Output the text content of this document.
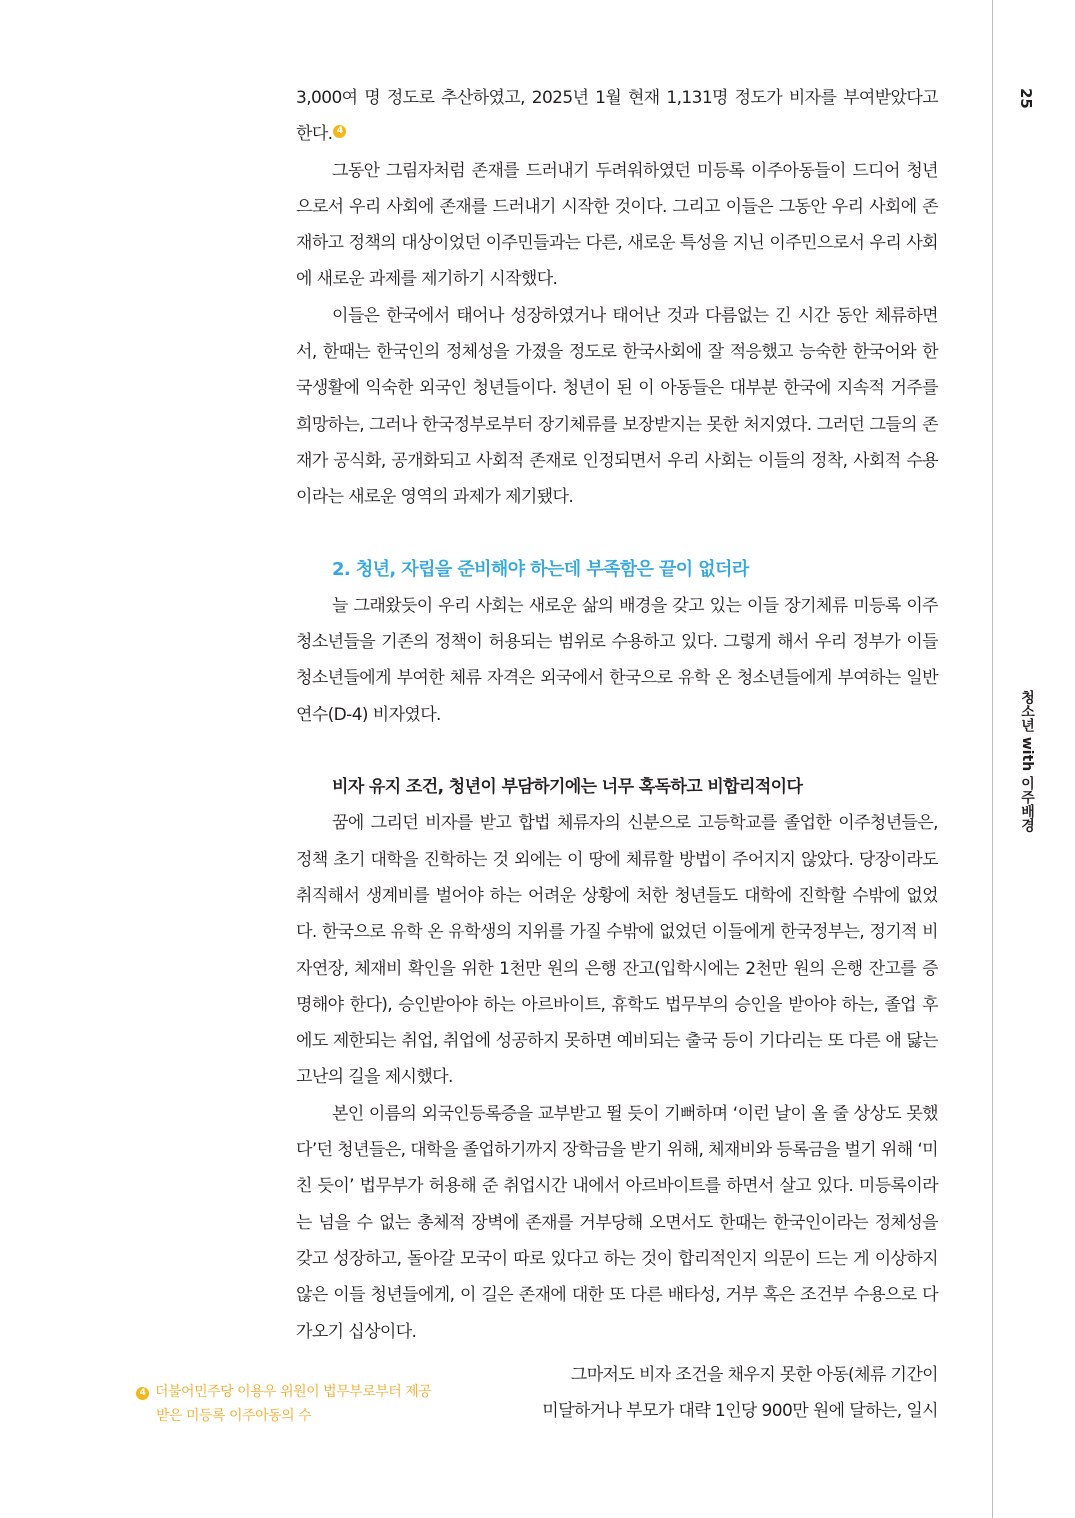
25
청소년 with 이주배경

3,000여 명 정도로 추산하였고, 2025년 1월 현재 1,131명 정도가 비자를 부여받았다고 한다. 4

그동안 그림자처럼 존재를 드러내기 두려워하였던 미등록 이주아동들이 드디어 청년으로서 우리 사회에 존재를 드러내기 시작한 것이다. 그리고 이들은 그동안 우리 사회에 존재하고 정책의 대상이었던 이주민들과는 다른, 새로운 특성을 지닌 이주민으로서 우리 사회에 새로운 과제를 제기하기 시작했다.

이들은 한국에서 태어나 성장하였거나 태어난 것과 다름없는 긴 시간 동안 체류하면서, 한때는 한국인의 정체성을 가졌을 정도로 한국사회에 잘 적응했고 능숙한 한국어와 한국생활에 익숙한 외국인 청년들이다. 청년이 된 이 아동들은 대부분 한국에 지속적 거주를 희망하는, 그러나 한국정부로부터 장기체류를 보장받지는 못한 처지였다. 그러던 그들의 존재가 공식화, 공개화되고 사회적 존재로 인정되면서 우리 사회는 이들의 정착, 사회적 수용이라는 새로운 영역의 과제가 제기됐다.

2. 청년, 자립을 준비해야 하는데 부족함은 끝이 없더라

늘 그래왔듯이 우리 사회는 새로운 삶의 배경을 갖고 있는 이들 장기체류 미등록 이주청소년들을 기존의 정책이 허용되는 범위로 수용하고 있다. 그렇게 해서 우리 정부가 이들 청소년들에게 부여한 체류 자격은 외국에서 한국으로 유학 온 청소년들에게 부여하는 일반연수(D-4) 비자였다.

비자 유지 조건, 청년이 부담하기에는 너무 혹독하고 비합리적이다

꿈에 그리던 비자를 받고 합법 체류자의 신분으로 고등학교를 졸업한 이주청년들은, 정책 초기 대학을 진학하는 것 외에는 이 땅에 체류할 방법이 주어지지 않았다. 당장이라도 취직해서 생계비를 벌어야 하는 어려운 상황에 처한 청년들도 대학에 진학할 수밖에 없었다. 한국으로 유학 온 유학생의 지위를 가질 수밖에 없었던 이들에게 한국정부는, 정기적 비자연장, 체재비 확인을 위한 1천만 원의 은행 잔고(입학시에는 2천만 원의 은행 잔고를 증명해야 한다), 승인받아야 하는 아르바이트, 휴학도 법무부의 승인을 받아야 하는, 졸업 후에도 제한되는 취업, 취업에 성공하지 못하면 예비되는 출국 등이 기다리는 또 다른 애 닳는 고난의 길을 제시했다.

본인 이름의 외국인등록증을 교부받고 뛸 듯이 기뻐하며 ‘이런 날이 올 줄 상상도 못했다’던 청년들은, 대학을 졸업하기까지 장학금을 받기 위해, 체재비와 등록금을 벌기 위해 ‘미친 듯이’ 법무부가 허용해 준 취업시간 내에서 아르바이트를 하면서 살고 있다. 미등록이라는 넘을 수 없는 총체적 장벽에 존재를 거부당해 오면서도 한때는 한국인이라는 정체성을 갖고 성장하고, 돌아갈 모국이 따로 있다고 하는 것이 합리적인지 의문이 드는 게 이상하지 않은 이들 청년들에게, 이 길은 존재에 대한 또 다른 배타성, 거부 혹은 조건부 수용으로 다가오기 십상이다.

그마저도 비자 조건을 채우지 못한 아동(체류 기간이
미달하거나 부모가 대략 1인당 900만 원에 달하는, 일시
4 더불어민주당 이용우 위원이 법무부로부터 제공
받은 미등록 이주아동의 수
